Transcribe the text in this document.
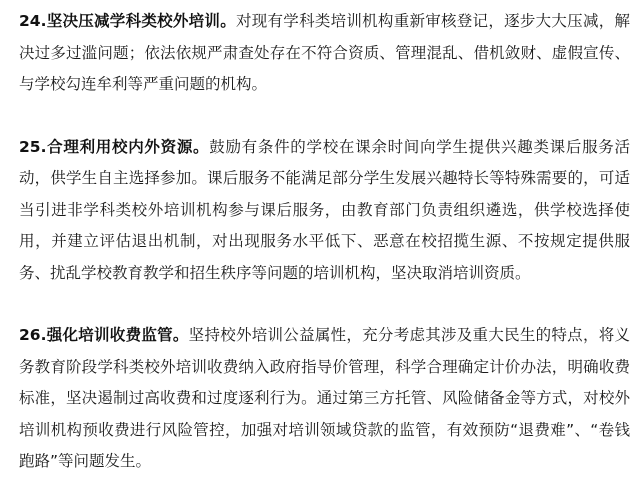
24.坚决压减学科类校外培训。对现有学科类培训机构重新审核登记，逐步大大压减，解决过多过滥问题；依法依规严肃查处存在不符合资质、管理混乱、借机敛财、虚假宣传、与学校勾连牟利等严重问题的机构。

25.合理利用校内外资源。鼓励有条件的学校在课余时间向学生提供兴趣类课后服务活动，供学生自主选择参加。课后服务不能满足部分学生发展兴趣特长等特殊需要的，可适当引进非学科类校外培训机构参与课后服务，由教育部门负责组织遴选，供学校选择使用，并建立评估退出机制，对出现服务水平低下、恶意在校招揽生源、不按规定提供服务、扰乱学校教育教学和招生秩序等问题的培训机构，坚决取消培训资质。

26.强化培训收费监管。坚持校外培训公益属性，充分考虑其涉及重大民生的特点，将义务教育阶段学科类校外培训收费纳入政府指导价管理，科学合理确定计价办法，明确收费标准，坚决遏制过高收费和过度逐利行为。通过第三方托管、风险储备金等方式，对校外培训机构预收费进行风险管控，加强对培训领域贷款的监管，有效预防“退费难”、“卷钱跑路”等问题发生。
